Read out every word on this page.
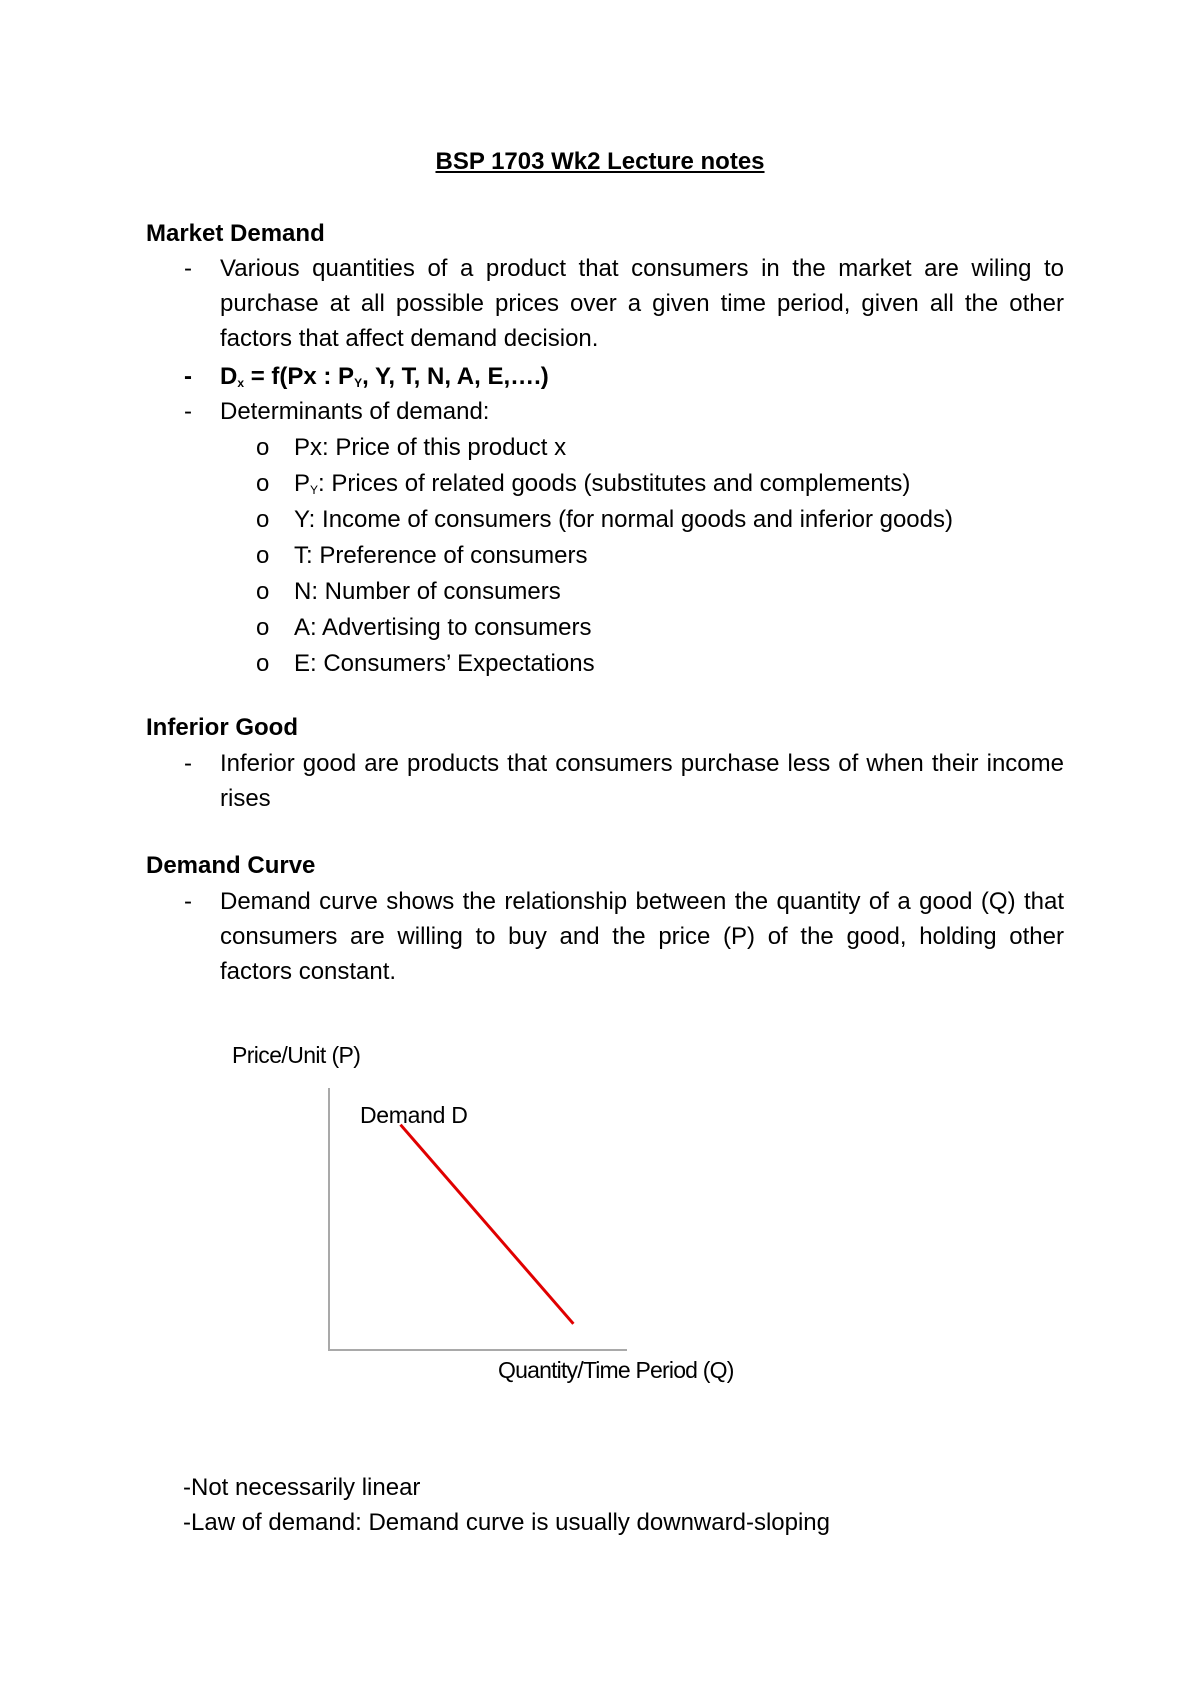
BSP 1703 Wk2 Lecture notes
Market Demand
- Various quantities of a product that consumers in the market are wiling to purchase at all possible prices over a given time period, given all the other factors that affect demand decision.
- $D_x = f(Px$ : $P_Y$, Y, T, N, A, E,….)
- Determinants of demand:
o Px: Price of this product x
o $P_Y$: Prices of related goods (substitutes and complements)
o Y: Income of consumers (for normal goods and inferior goods)
o T: Preference of consumers
o N: Number of consumers
o A: Advertising to consumers
o E: Consumers’ Expectations
Inferior Good
- Inferior good are products that consumers purchase less of when their income rises
Demand Curve
- Demand curve shows the relationship between the quantity of a good (Q) that consumers are willing to buy and the price (P) of the good, holding other factors constant.
Price/Unit (P)
Demand D
Quantity/Time Period (Q)
-Not necessarily linear
-Law of demand: Demand curve is usually downward-sloping
